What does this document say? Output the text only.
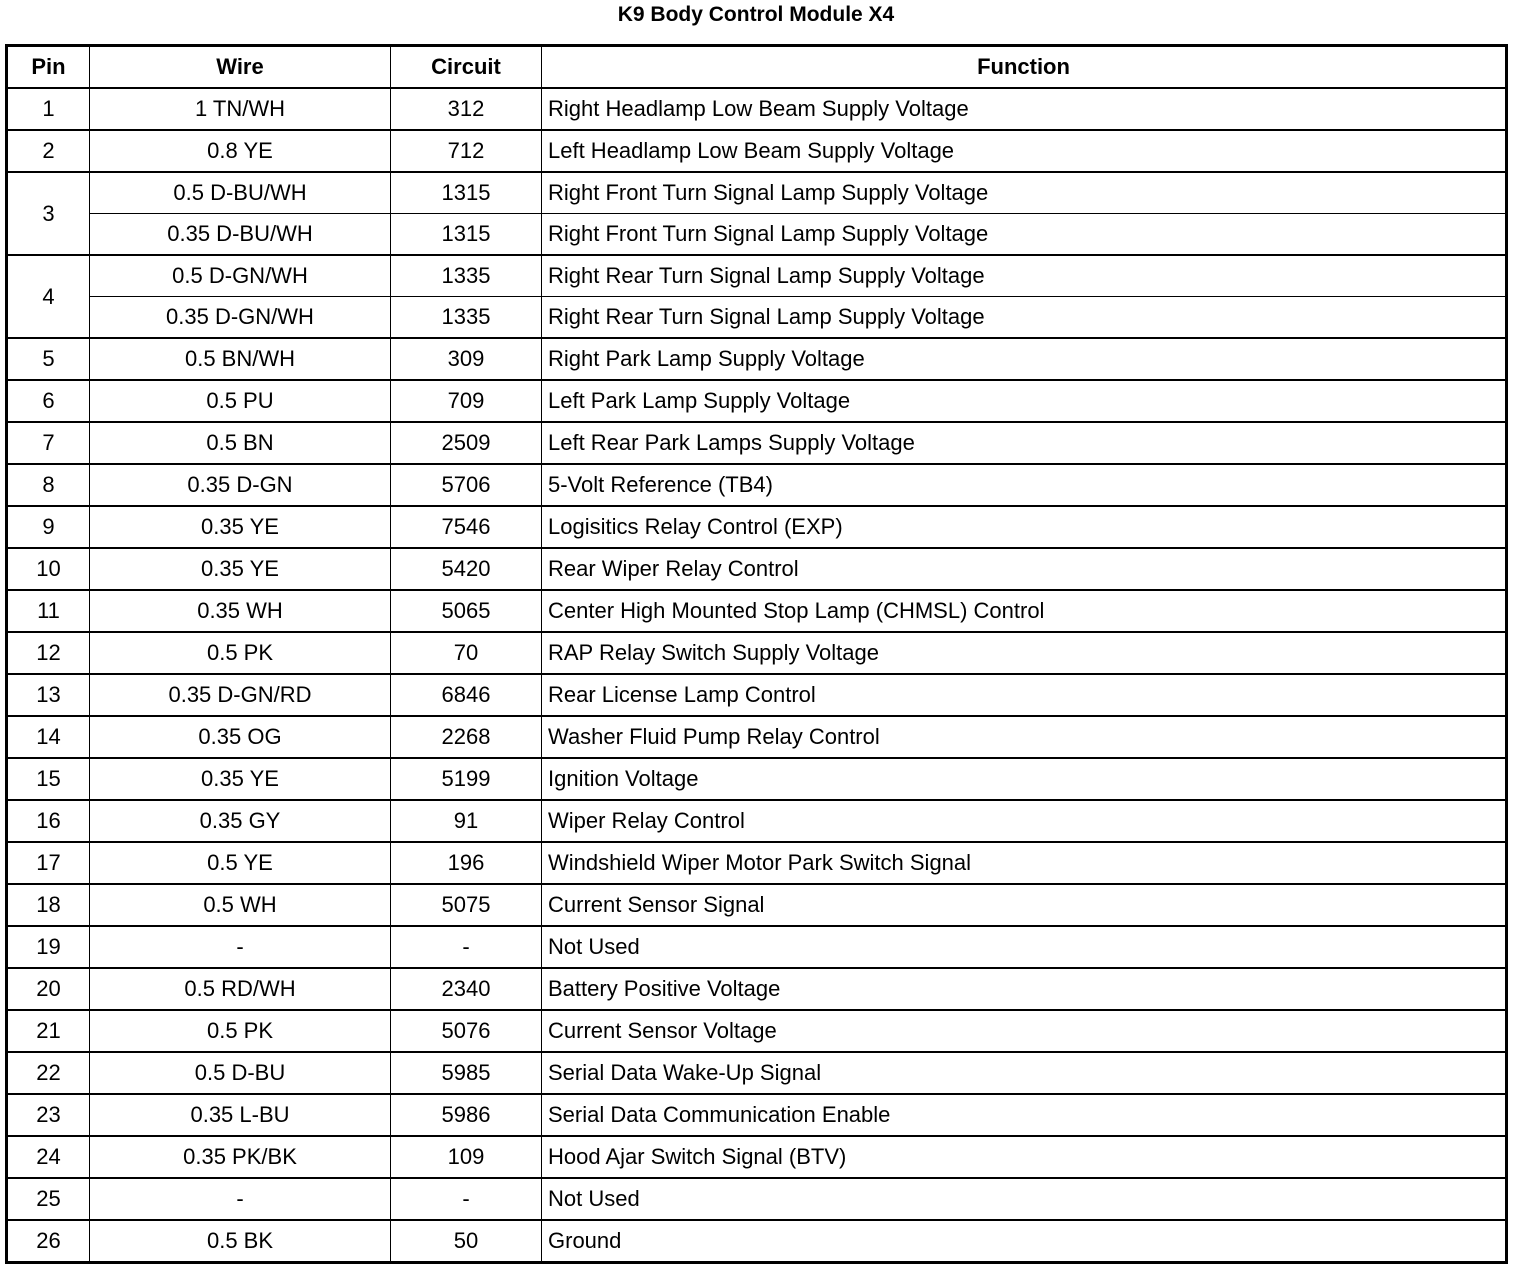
K9 Body Control Module X4
Pin	Wire	Circuit	Function
1	1 TN/WH	312	Right Headlamp Low Beam Supply Voltage
2	0.8 YE	712	Left Headlamp Low Beam Supply Voltage
3	0.5 D-BU/WH	1315	Right Front Turn Signal Lamp Supply Voltage
	0.35 D-BU/WH	1315	Right Front Turn Signal Lamp Supply Voltage
4	0.5 D-GN/WH	1335	Right Rear Turn Signal Lamp Supply Voltage
	0.35 D-GN/WH	1335	Right Rear Turn Signal Lamp Supply Voltage
5	0.5 BN/WH	309	Right Park Lamp Supply Voltage
6	0.5 PU	709	Left Park Lamp Supply Voltage
7	0.5 BN	2509	Left Rear Park Lamps Supply Voltage
8	0.35 D-GN	5706	5-Volt Reference (TB4)
9	0.35 YE	7546	Logisitics Relay Control (EXP)
10	0.35 YE	5420	Rear Wiper Relay Control
11	0.35 WH	5065	Center High Mounted Stop Lamp (CHMSL) Control
12	0.5 PK	70	RAP Relay Switch Supply Voltage
13	0.35 D-GN/RD	6846	Rear License Lamp Control
14	0.35 OG	2268	Washer Fluid Pump Relay Control
15	0.35 YE	5199	Ignition Voltage
16	0.35 GY	91	Wiper Relay Control
17	0.5 YE	196	Windshield Wiper Motor Park Switch Signal
18	0.5 WH	5075	Current Sensor Signal
19	-	-	Not Used
20	0.5 RD/WH	2340	Battery Positive Voltage
21	0.5 PK	5076	Current Sensor Voltage
22	0.5 D-BU	5985	Serial Data Wake-Up Signal
23	0.35 L-BU	5986	Serial Data Communication Enable
24	0.35 PK/BK	109	Hood Ajar Switch Signal (BTV)
25	-	-	Not Used
26	0.5 BK	50	Ground
